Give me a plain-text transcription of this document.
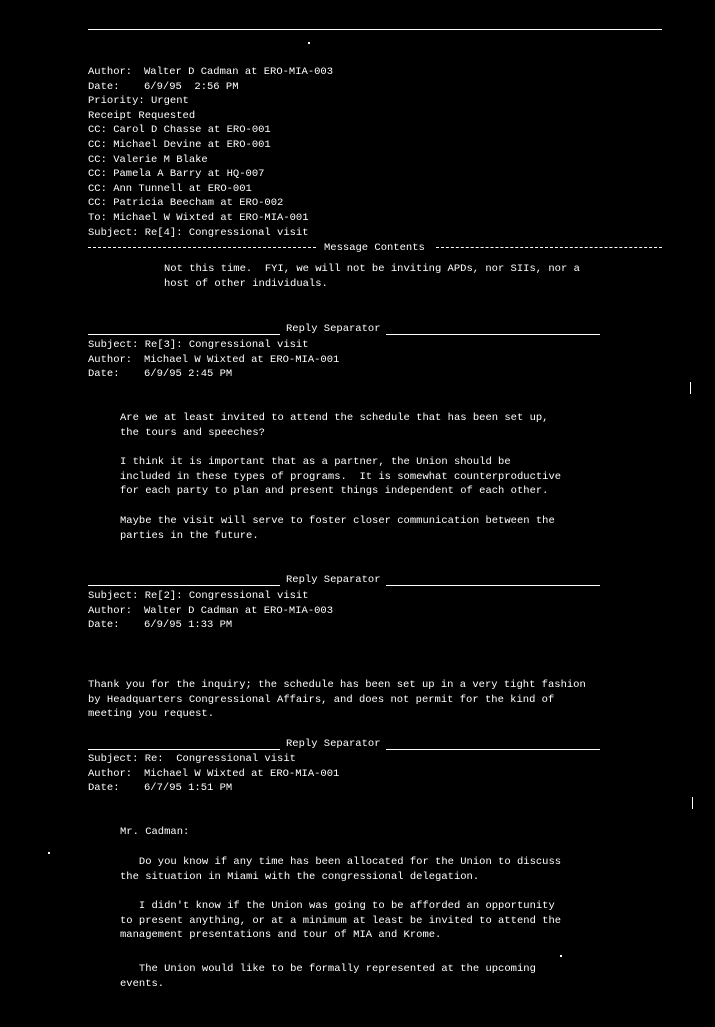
Author: Walter D Cadman at ERO-MIA-003
Date: 6/9/95  2:56 PM
Priority: Urgent
Receipt Requested
CC: Carol D Chasse at ERO-001
CC: Michael Devine at ERO-001
CC: Valerie M Blake
CC: Pamela A Barry at HQ-007
CC: Ann Tunnell at ERO-001
CC: Patricia Beecham at ERO-002
To: Michael W Wixted at ERO-MIA-001
Subject: Re[4]: Congressional visit
Message Contents
Not this time.  FYI, we will not be inviting APDs, nor SIIs, nor a
host of other individuals.
Reply Separator
Subject: Re[3]: Congressional visit
Author: Michael W Wixted at ERO-MIA-001
Date: 6/9/95 2:45 PM
Are we at least invited to attend the schedule that has been set up,
the tours and speeches?
I think it is important that as a partner, the Union should be
included in these types of programs.  It is somewhat counterproductive
for each party to plan and present things independent of each other.
Maybe the visit will serve to foster closer communication between the
parties in the future.
Reply Separator
Subject: Re[2]: Congressional visit
Author: Walter D Cadman at ERO-MIA-003
Date: 6/9/95 1:33 PM
Thank you for the inquiry; the schedule has been set up in a very tight fashion
by Headquarters Congressional Affairs, and does not permit for the kind of
meeting you request.
Reply Separator
Subject: Re:  Congressional visit
Author: Michael W Wixted at ERO-MIA-001
Date: 6/7/95 1:51 PM
Mr. Cadman:
Do you know if any time has been allocated for the Union to discuss
the situation in Miami with the congressional delegation.
I didn't know if the Union was going to be afforded an opportunity
to present anything, or at a minimum at least be invited to attend the
management presentations and tour of MIA and Krome.
The Union would like to be formally represented at the upcoming
events.
